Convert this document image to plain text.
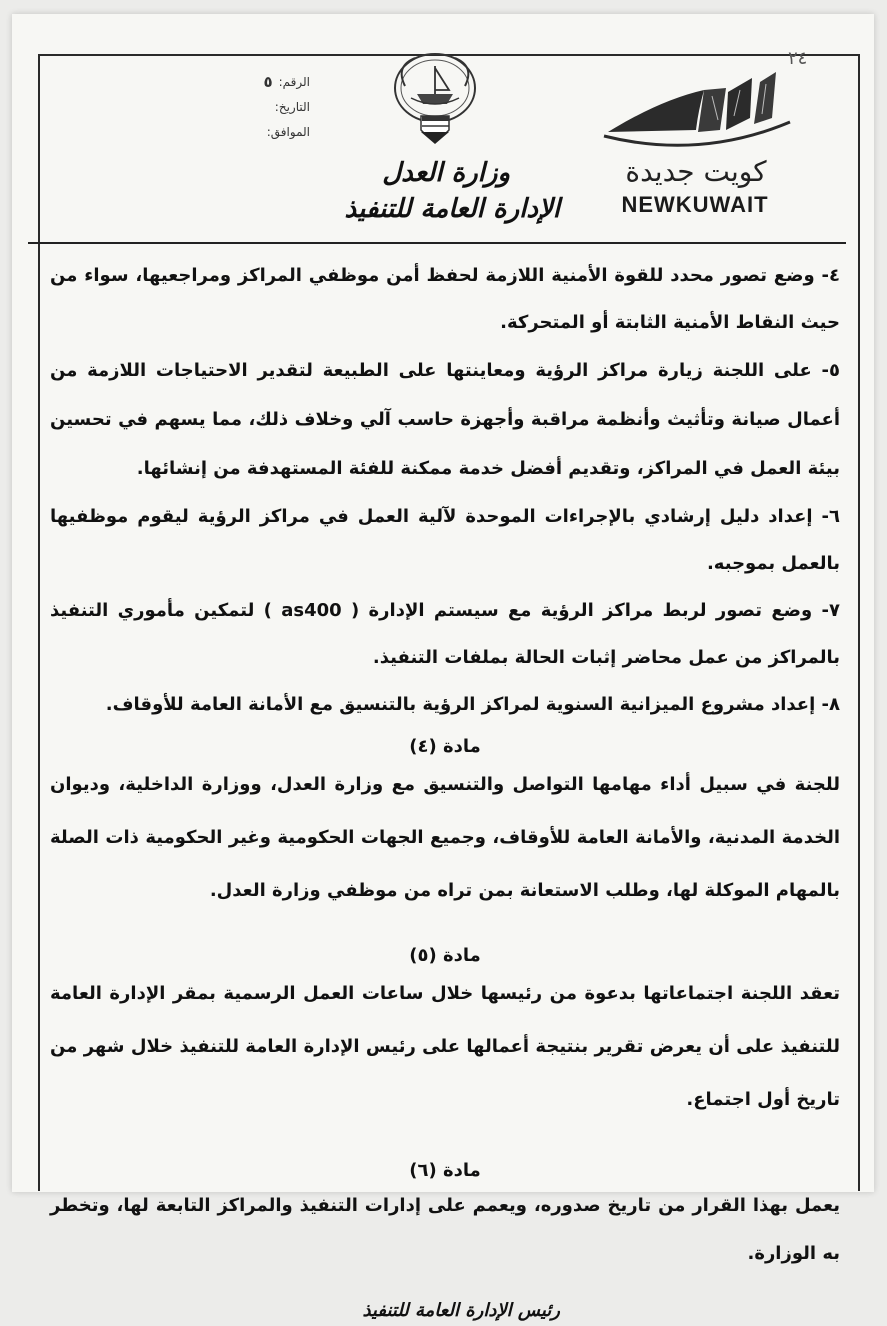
٢٤
الرقم:
٥
التاريخ:
الموافق:
وزارة العدل
الإدارة العامة للتنفيذ
كويت جديدة
NEWKUWAIT

٤- وضع تصور محدد للقوة الأمنية اللازمة لحفظ أمن موظفي المراكز ومراجعيها، سواء من حيث النقاط الأمنية الثابتة أو المتحركة.

٥- على اللجنة زيارة مراكز الرؤية ومعاينتها على الطبيعة لتقدير الاحتياجات اللازمة من أعمال صيانة وتأثيث وأنظمة مراقبة وأجهزة حاسب آلي وخلاف ذلك، مما يسهم في تحسين بيئة العمل في المراكز، وتقديم أفضل خدمة ممكنة للفئة المستهدفة من إنشائها.

٦- إعداد دليل إرشادي بالإجراءات الموحدة لآلية العمل في مراكز الرؤية ليقوم موظفيها بالعمل بموجبه.

٧- وضع تصور لربط مراكز الرؤية مع سيستم الإدارة ( as400 ) لتمكين مأموري التنفيذ بالمراكز من عمل محاضر إثبات الحالة بملفات التنفيذ.

٨- إعداد مشروع الميزانية السنوية لمراكز الرؤية بالتنسيق مع الأمانة العامة للأوقاف.

مادة (٤)

للجنة في سبيل أداء مهامها التواصل والتنسيق مع وزارة العدل، ووزارة الداخلية، وديوان الخدمة المدنية، والأمانة العامة للأوقاف، وجميع الجهات الحكومية وغير الحكومية ذات الصلة بالمهام الموكلة لها، وطلب الاستعانة بمن تراه من موظفي وزارة العدل.

مادة (٥)

تعقد اللجنة اجتماعاتها بدعوة من رئيسها خلال ساعات العمل الرسمية بمقر الإدارة العامة للتنفيذ على أن يعرض تقرير بنتيجة أعمالها على رئيس الإدارة العامة للتنفيذ خلال شهر من تاريخ أول اجتماع.

مادة (٦)

يعمل بهذا القرار من تاريخ صدوره، ويعمم على إدارات التنفيذ والمراكز التابعة لها، وتخطر به الوزارة.

رئيس الإدارة العامة للتنفيذ
